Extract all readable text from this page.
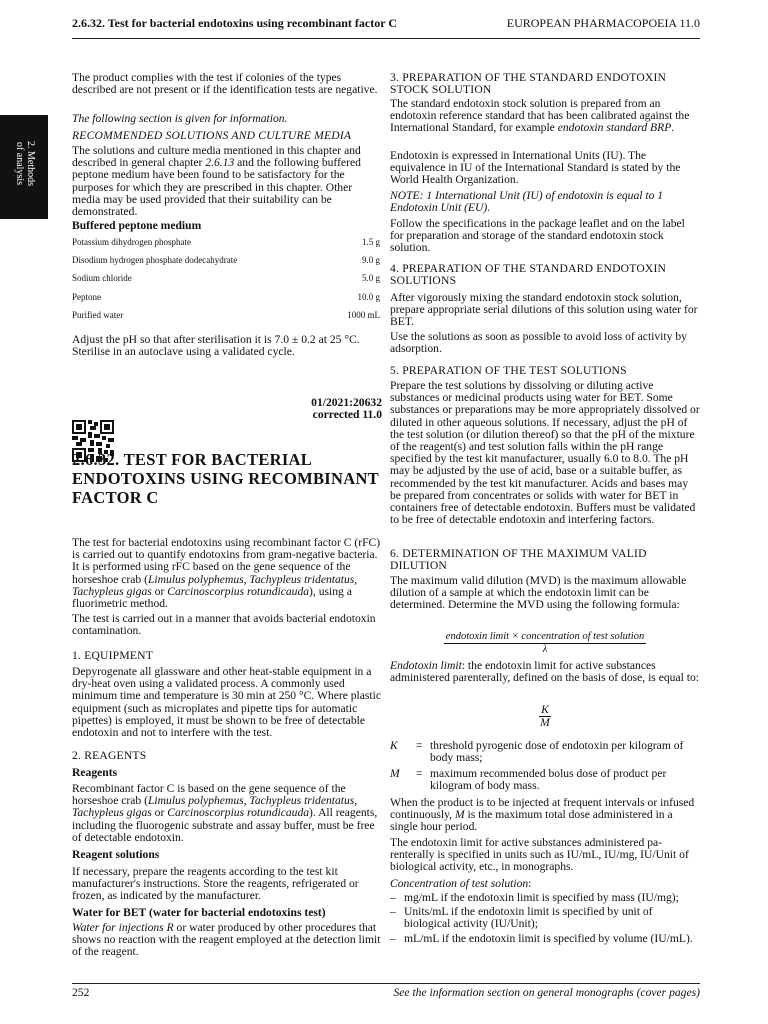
2.6.32. Test for bacterial endotoxins using recombinant factor C	EUROPEAN PHARMACOPOEIA 11.0
2. Methods
of analysis
The product complies with the test if colonies of the types described are not present or if the identification tests are negative.
The following section is given for information.
RECOMMENDED SOLUTIONS AND CULTURE MEDIA
The solutions and culture media mentioned in this chapter and described in general chapter 2.6.13 and the following buffered peptone medium have been found to be satisfactory for the purposes for which they are prescribed in this chapter. Other media may be used provided that their suitability can be demonstrated.
Buffered peptone medium
Potassium dihydrogen phosphate	1.5 g
Disodium hydrogen phosphate dodecahydrate	9.0 g
Sodium chloride	5.0 g
Peptone	10.0 g
Purified water	1000 mL
Adjust the pH so that after sterilisation it is 7.0 ± 0.2 at 25 °C. Sterilise in an autoclave using a validated cycle.
01/2021:20632
corrected 11.0
2.6.32. TEST FOR BACTERIAL ENDOTOXINS USING RECOMBINANT FACTOR C
The test for bacterial endotoxins using recombinant factor C (rFC) is carried out to quantify endotoxins from gram-negative bacteria. It is performed using rFC based on the gene sequence of the horseshoe crab (Limulus polyphemus, Tachypleus tridentatus, Tachypleus gigas or Carcinoscorpius rotundicauda), using a fluorimetric method.
The test is carried out in a manner that avoids bacterial endotoxin contamination.
1. EQUIPMENT
Depyrogenate all glassware and other heat-stable equipment in a dry-heat oven using a validated process. A commonly used minimum time and temperature is 30 min at 250 °C. Where plastic equipment (such as microplates and pipette tips for automatic pipettes) is employed, it must be shown to be free of detectable endotoxin and not to interfere with the test.
2. REAGENTS
Reagents
Recombinant factor C is based on the gene sequence of the horseshoe crab (Limulus polyphemus, Tachypleus tridentatus, Tachypleus gigas or Carcinoscorpius rotundicauda). All reagents, including the fluorogenic substrate and assay buffer, must be free of detectable endotoxin.
Reagent solutions
If necessary, prepare the reagents according to the test kit manufacturer's instructions. Store the reagents, refrigerated or frozen, as indicated by the manufacturer.
Water for BET (water for bacterial endotoxins test)
Water for injections R or water produced by other procedures that shows no reaction with the reagent employed at the detection limit of the reagent.
3. PREPARATION OF THE STANDARD ENDOTOXIN STOCK SOLUTION
The standard endotoxin stock solution is prepared from an endotoxin reference standard that has been calibrated against the International Standard, for example endotoxin standard BRP.
Endotoxin is expressed in International Units (IU). The equivalence in IU of the International Standard is stated by the World Health Organization.
NOTE: 1 International Unit (IU) of endotoxin is equal to 1 Endotoxin Unit (EU).
Follow the specifications in the package leaflet and on the label for preparation and storage of the standard endotoxin stock solution.
4. PREPARATION OF THE STANDARD ENDOTOXIN SOLUTIONS
After vigorously mixing the standard endotoxin stock solution, prepare appropriate serial dilutions of this solution using water for BET.
Use the solutions as soon as possible to avoid loss of activity by adsorption.
5. PREPARATION OF THE TEST SOLUTIONS
Prepare the test solutions by dissolving or diluting active substances or medicinal products using water for BET. Some substances or preparations may be more appropriately dissolved or diluted in other aqueous solutions. If necessary, adjust the pH of the test solution (or dilution thereof) so that the pH of the mixture of the reagent(s) and test solution falls within the pH range specified by the test kit manufacturer, usually 6.0 to 8.0. The pH may be adjusted by the use of acid, base or a suitable buffer, as recommended by the test kit manufacturer. Acids and bases may be prepared from concentrates or solids with water for BET in containers free of detectable endotoxin. Buffers must be validated to be free of detectable endotoxin and interfering factors.
6. DETERMINATION OF THE MAXIMUM VALID DILUTION
The maximum valid dilution (MVD) is the maximum allowable dilution of a sample at which the endotoxin limit can be determined. Determine the MVD using the following formula:
endotoxin limit × concentration of test solution
λ
Endotoxin limit: the endotoxin limit for active substances administered parenterally, defined on the basis of dose, is equal to:
$\frac{K}{M}$
K	= threshold pyrogenic dose of endotoxin per kilogram of body mass;
M	= maximum recommended bolus dose of product per kilogram of body mass.
When the product is to be injected at frequent intervals or infused continuously, M is the maximum total dose administered in a single hour period.
The endotoxin limit for active substances administered pa-renterally is specified in units such as IU/mL, IU/mg, IU/Unit of biological activity, etc., in monographs.
Concentration of test solution:
– mg/mL if the endotoxin limit is specified by mass (IU/mg);
– Units/mL if the endotoxin limit is specified by unit of biological activity (IU/Unit);
– mL/mL if the endotoxin limit is specified by volume (IU/mL).
252	See the information section on general monographs (cover pages)
